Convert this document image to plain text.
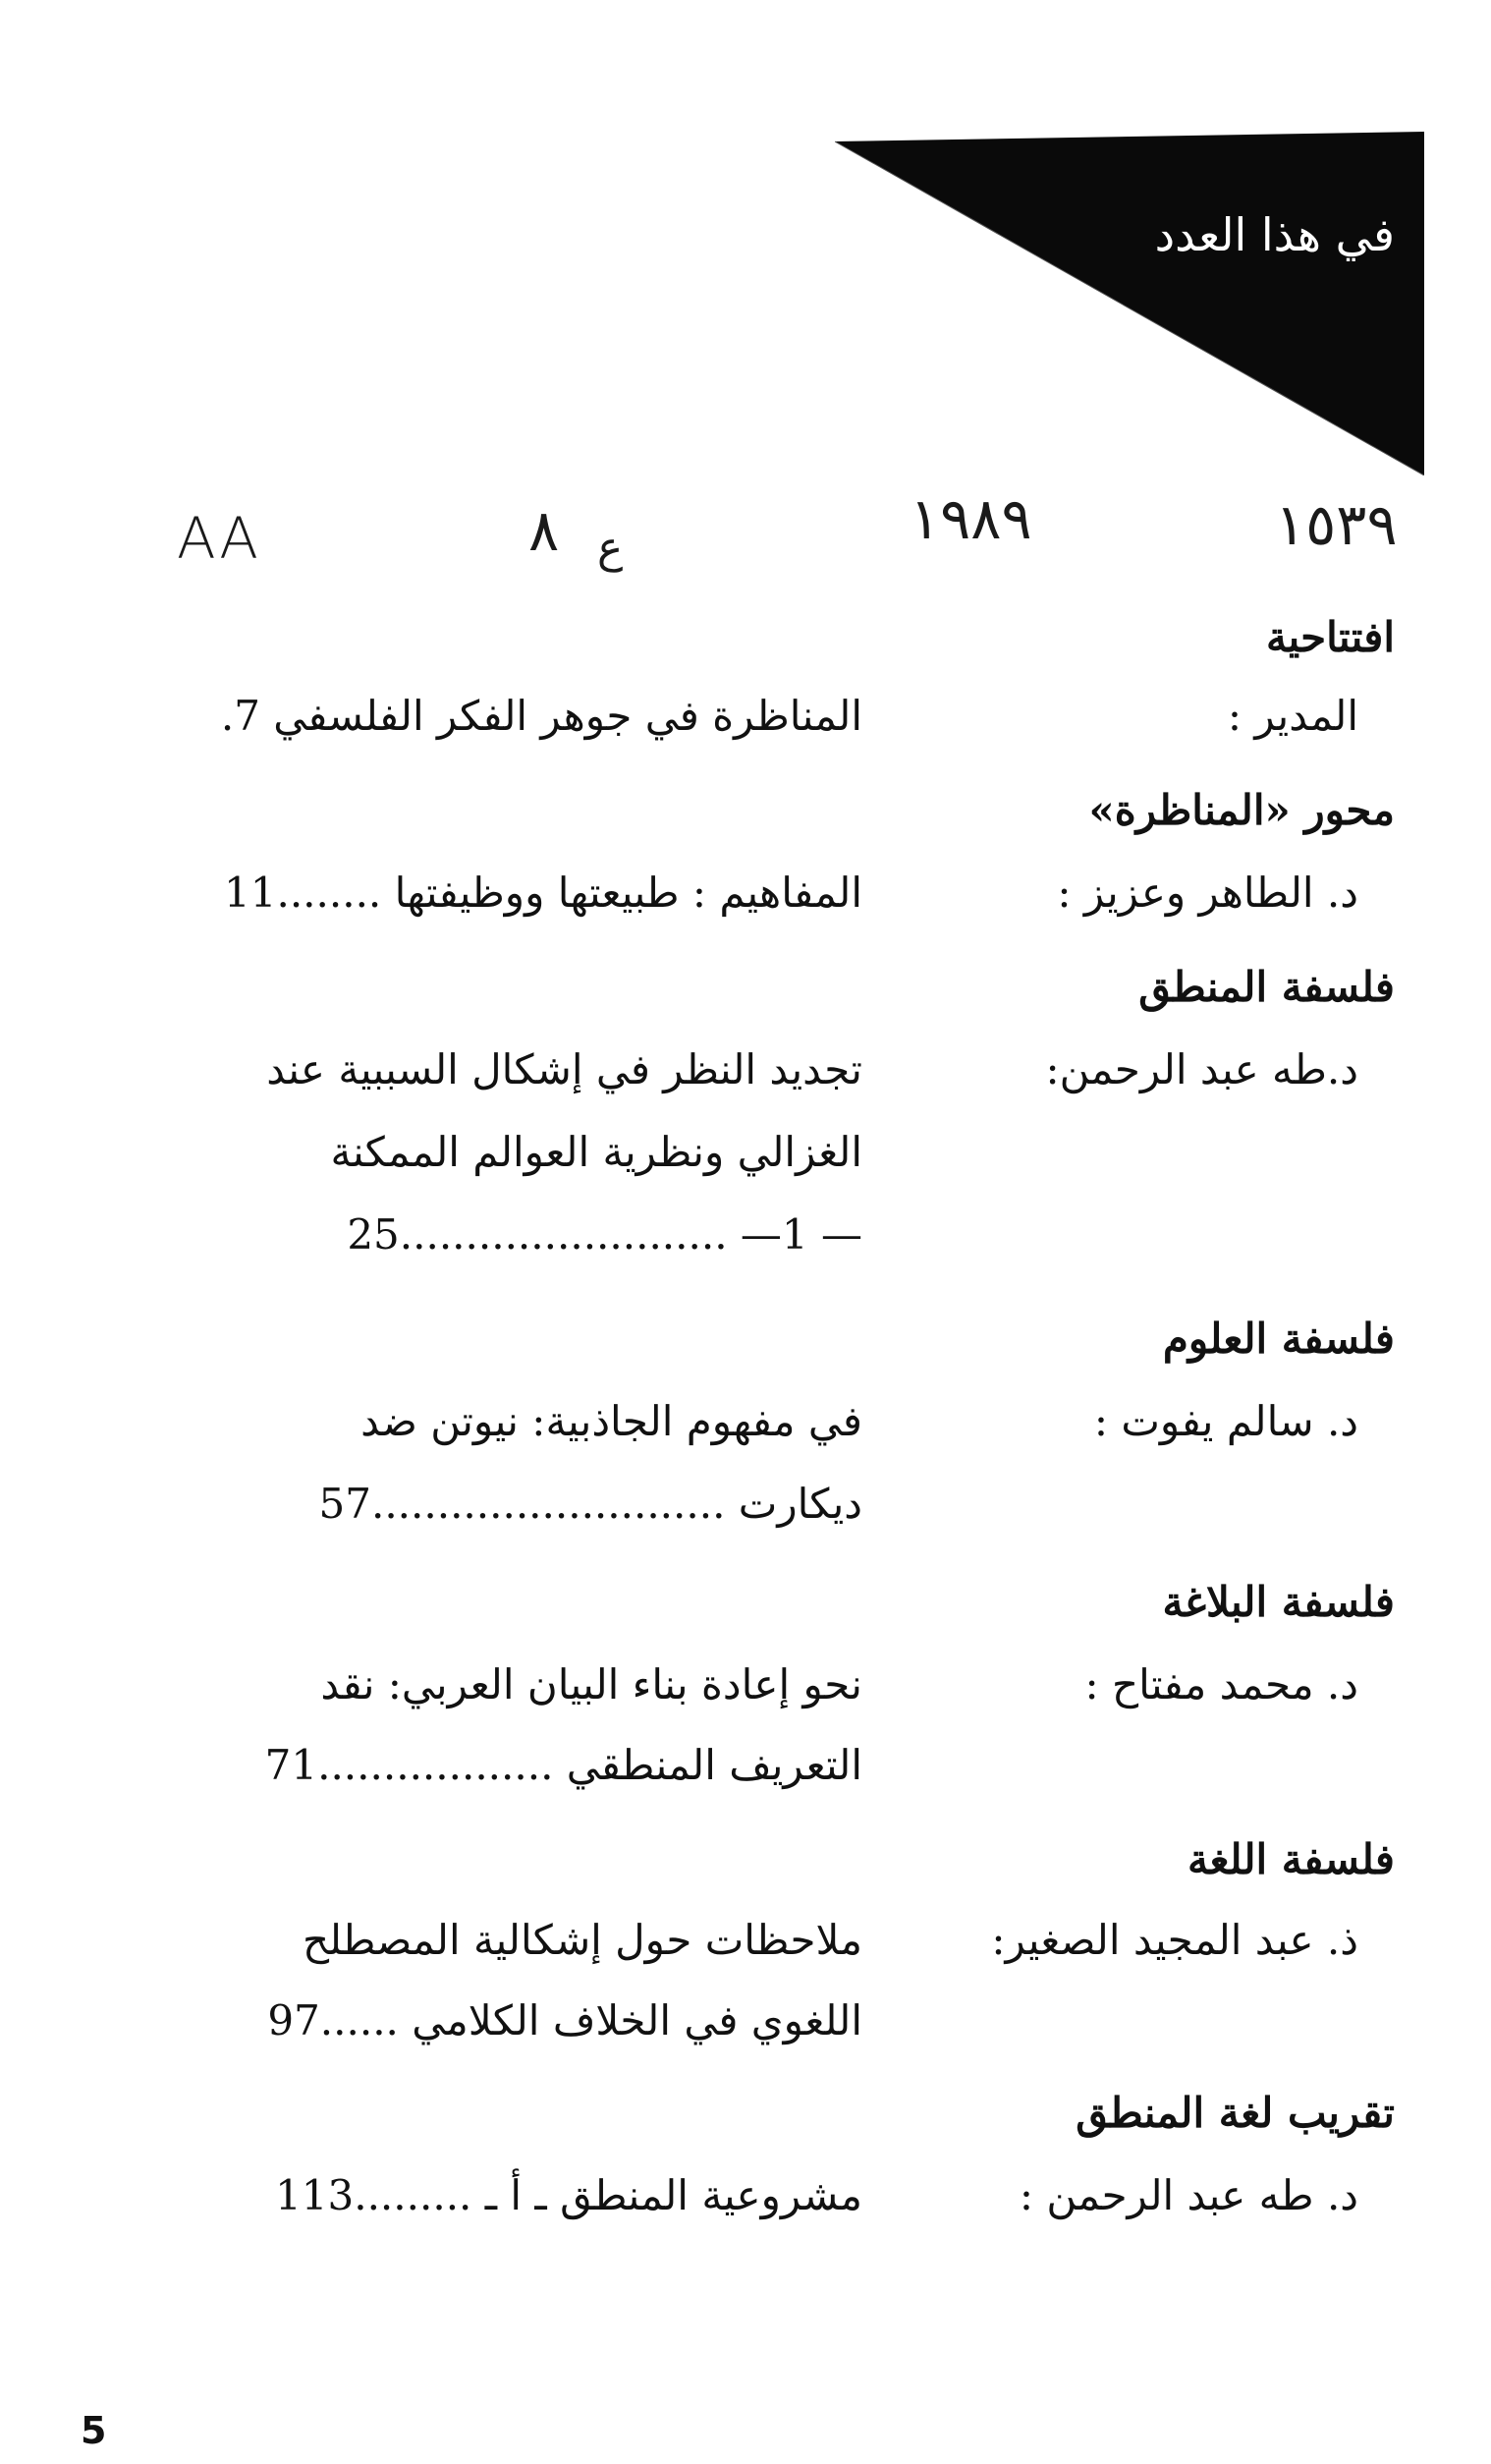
في هذا العدد
AA	٨ ع	١٩٨٩	١٥٣٩
افتتاحية
المدير :
المناظرة في جوهر الفكر الفلسفي 7.
محور «المناظرة»
د. الطاهر وعزيز :
المفاهيم : طبيعتها ووظيفتها ........11
فلسفة المنطق
د.طه عبد الرحمن:
تجديد النظر في إشكال السببية عند
الغزالي ونظرية العوالم الممكنة
— 1— .........................25
فلسفة العلوم
د. سالم يفوت :
في مفهوم الجاذبية: نيوتن ضد
ديكارت ...........................57
فلسفة البلاغة
د. محمد مفتاح :
نحو إعادة بناء البيان العربي: نقد
التعريف المنطقي ..................71
فلسفة اللغة
ذ. عبد المجيد الصغير:
ملاحظات حول إشكالية المصطلح
اللغوي في الخلاف الكلامي ......97
تقريب لغة المنطق
د. طه عبد الرحمن :
مشروعية المنطق ـ أ ـ .........113
5
